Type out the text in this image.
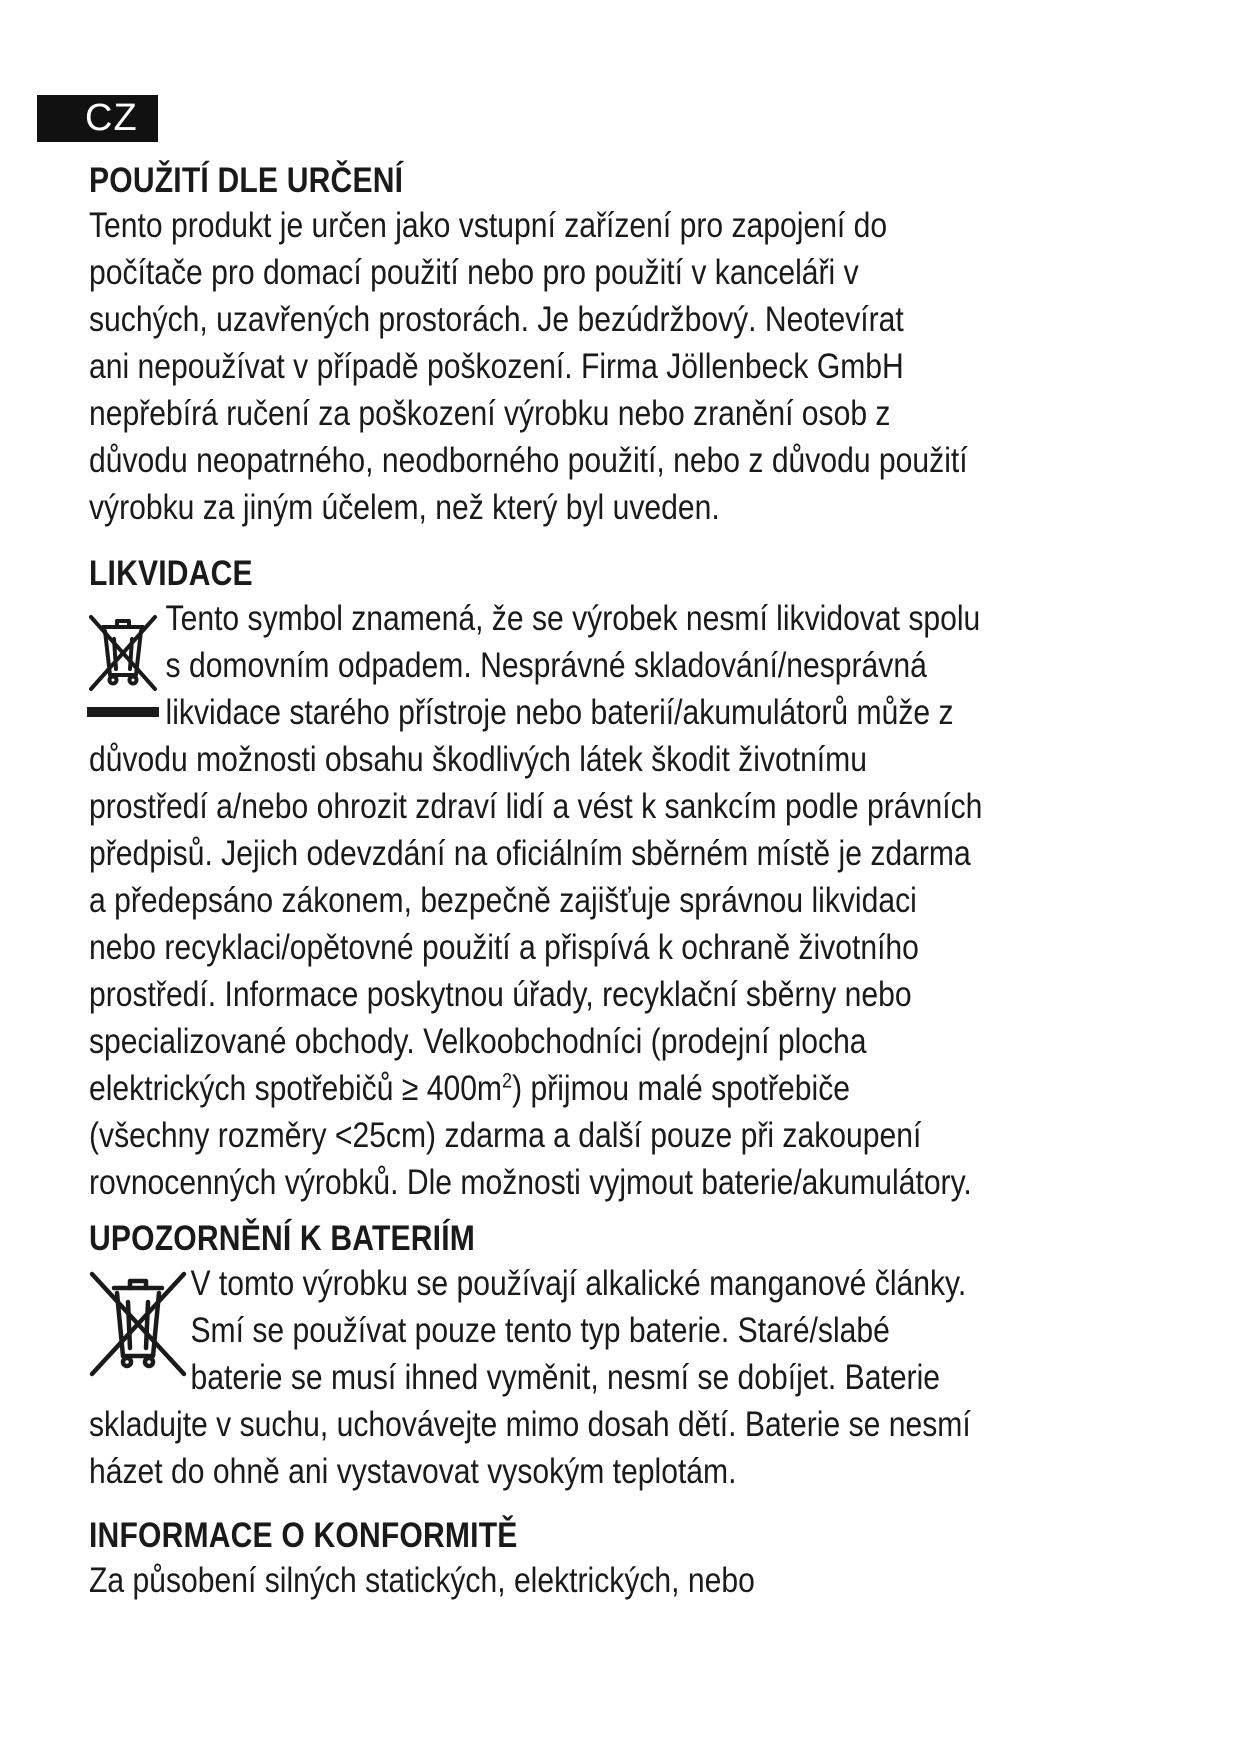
CZ
POUŽITÍ DLE URČENÍ
Tento produkt je určen jako vstupní zařízení pro zapojení do
počítače pro domací použití nebo pro použití v kanceláři v
suchých, uzavřených prostorách. Je bezúdržbový. Neotevírat
ani nepoužívat v případě poškození. Firma Jöllenbeck GmbH
nepřebírá ručení za poškození výrobku nebo zranění osob z
důvodu neopatrného, neodborného použití, nebo z důvodu použití
výrobku za jiným účelem, než který byl uveden.
LIKVIDACE
Tento symbol znamená, že se výrobek nesmí likvidovat spolu
s domovním odpadem. Nesprávné skladování/nesprávná
likvidace starého přístroje nebo baterií/akumulátorů může z
důvodu možnosti obsahu škodlivých látek škodit životnímu
prostředí a/nebo ohrozit zdraví lidí a vést k sankcím podle právních
předpisů. Jejich odevzdání na oficiálním sběrném místě je zdarma
a předepsáno zákonem, bezpečně zajišťuje správnou likvidaci
nebo recyklaci/opětovné použití a přispívá k ochraně životního
prostředí. Informace poskytnou úřady, recyklační sběrny nebo
specializované obchody. Velkoobchodníci (prodejní plocha
elektrických spotřebičů ≥ $400m^2$) přijmou malé spotřebiče
(všechny rozměry <25cm) zdarma a další pouze při zakoupení
rovnocenných výrobků. Dle možnosti vyjmout baterie/akumulátory.
UPOZORNĚNÍ K BATERIÍM
V tomto výrobku se používají alkalické manganové články.
Smí se používat pouze tento typ baterie. Staré/slabé
baterie se musí ihned vyměnit, nesmí se dobíjet. Baterie
skladujte v suchu, uchovávejte mimo dosah dětí. Baterie se nesmí
házet do ohně ani vystavovat vysokým teplotám.
INFORMACE O KONFORMITĚ
Za působení silných statických, elektrických, nebo
